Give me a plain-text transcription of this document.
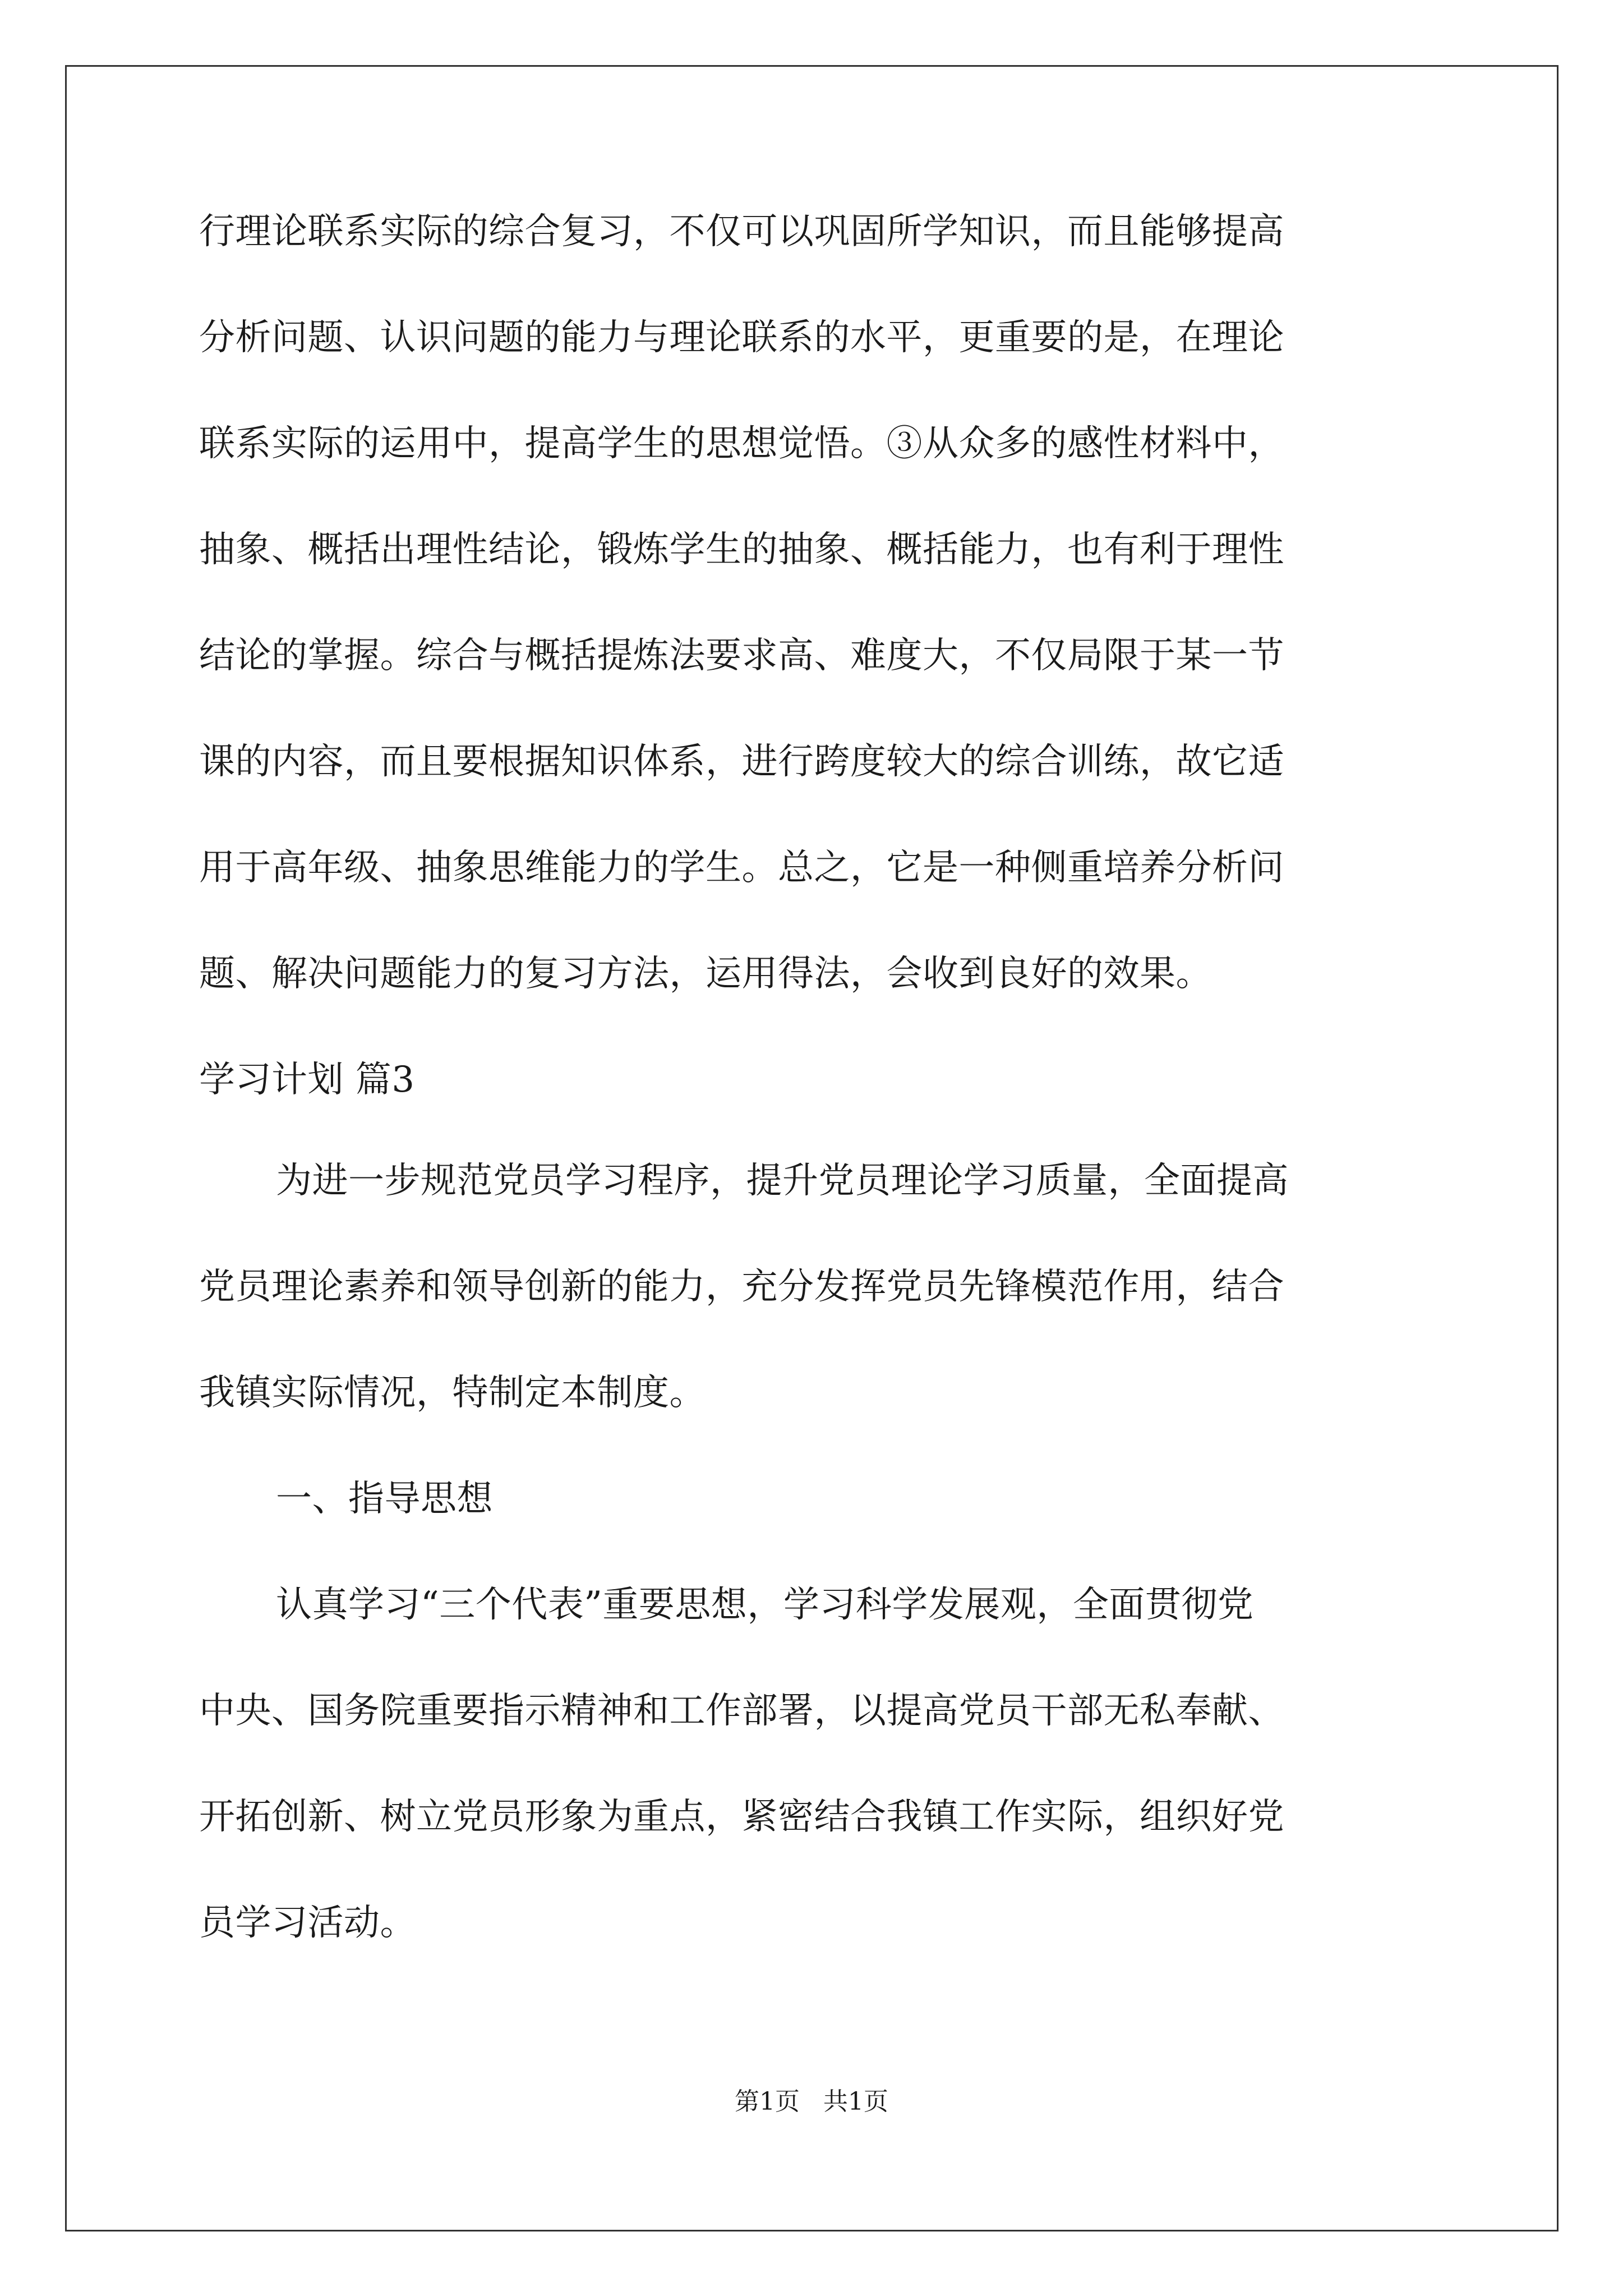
行理论联系实际的综合复习，不仅可以巩固所学知识，而且能够提高
分析问题、认识问题的能力与理论联系的水平，更重要的是，在理论
联系实际的运用中，提高学生的思想觉悟。③从众多的感性材料中，
抽象、概括出理性结论，锻炼学生的抽象、概括能力，也有利于理性
结论的掌握。综合与概括提炼法要求高、难度大，不仅局限于某一节
课的内容，而且要根据知识体系，进行跨度较大的综合训练，故它适
用于高年级、抽象思维能力的学生。总之，它是一种侧重培养分析问
题、解决问题能力的复习方法，运用得法，会收到良好的效果。
学习计划 篇3
为进一步规范党员学习程序，提升党员理论学习质量，全面提高
党员理论素养和领导创新的能力，充分发挥党员先锋模范作用，结合
我镇实际情况，特制定本制度。
一、指导思想
认真学习“三个代表”重要思想，学习科学发展观，全面贯彻党
中央、国务院重要指示精神和工作部署，以提高党员干部无私奉献、
开拓创新、树立党员形象为重点，紧密结合我镇工作实际，组织好党
员学习活动。
第1页 共1页
